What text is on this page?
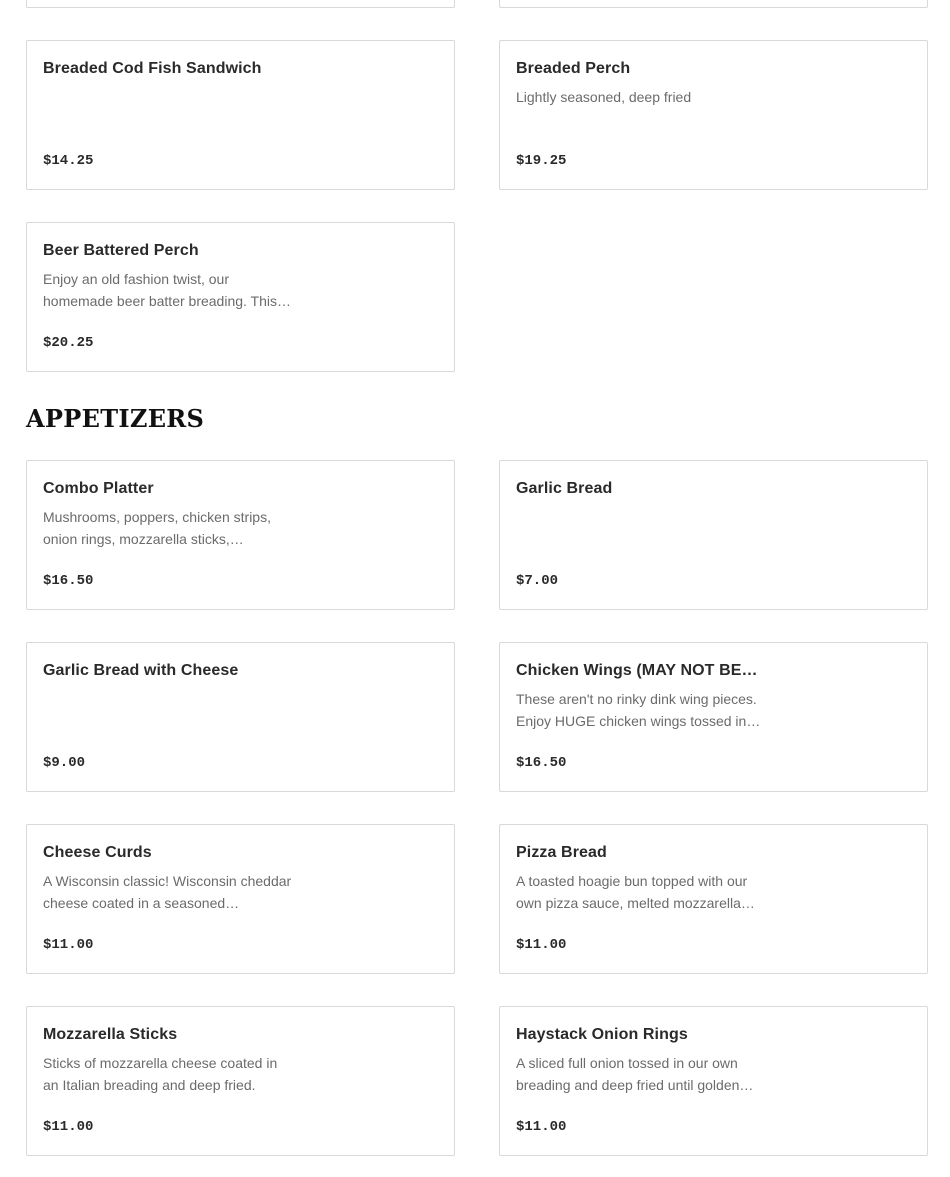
Breaded Cod Fish Sandwich
$14.25
Breaded Perch
Lightly seasoned, deep fried
$19.25
Beer Battered Perch
Enjoy an old fashion twist, our homemade beer batter breading. This…
$20.25
APPETIZERS
Combo Platter
Mushrooms, poppers, chicken strips, onion rings, mozzarella sticks,…
$16.50
Garlic Bread
$7.00
Garlic Bread with Cheese
$9.00
Chicken Wings (MAY NOT BE…
These aren't no rinky dink wing pieces. Enjoy HUGE chicken wings tossed in…
$16.50
Cheese Curds
A Wisconsin classic! Wisconsin cheddar cheese coated in a seasoned…
$11.00
Pizza Bread
A toasted hoagie bun topped with our own pizza sauce, melted mozzarella…
$11.00
Mozzarella Sticks
Sticks of mozzarella cheese coated in an Italian breading and deep fried.
$11.00
Haystack Onion Rings
A sliced full onion tossed in our own breading and deep fried until golden…
$11.00
